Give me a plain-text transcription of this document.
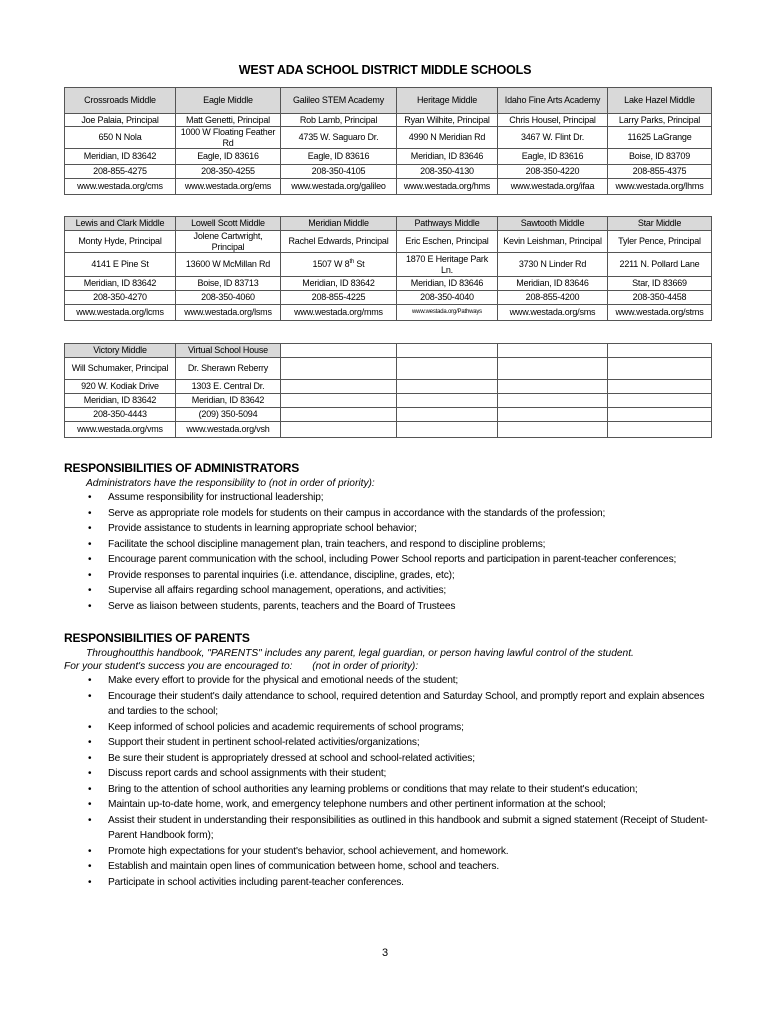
WEST ADA SCHOOL DISTRICT MIDDLE SCHOOLS
Crossroads Middle	Eagle Middle	Galileo STEM Academy	Heritage Middle	Idaho Fine Arts Academy	Lake Hazel Middle
Joe Palaia, Principal	Matt Genetti, Principal	Rob Lamb, Principal	Ryan Wilhite, Principal	Chris Housel, Principal	Larry Parks, Principal
650 N Nola	1000 W Floating Feather Rd	4735 W. Saguaro Dr.	4990 N Meridian Rd	3467 W. Flint Dr.	11625 LaGrange
Meridian, ID 83642	Eagle, ID 83616	Eagle, ID 83616	Meridian, ID 83646	Eagle, ID 83616	Boise, ID 83709
208-855-4275	208-350-4255	208-350-4105	208-350-4130	208-350-4220	208-855-4375
www.westada.org/cms	www.westada.org/ems	www.westada.org/galileo	www.westada.org/hms	www.westada.org/ifaa	www.westada.org/lhms
Lewis and Clark Middle	Lowell Scott Middle	Meridian Middle	Pathways Middle	Sawtooth Middle	Star Middle
Monty Hyde, Principal	Jolene Cartwright, Principal	Rachel Edwards, Principal	Eric Eschen, Principal	Kevin Leishman, Principal	Tyler Pence, Principal
4141 E Pine St	13600 W McMillan Rd	1507 W 8th St	1870 E Heritage Park Ln.	3730 N Linder Rd	2211 N. Pollard Lane
Meridian, ID 83642	Boise, ID 83713	Meridian, ID 83642	Meridian, ID 83646	Meridian, ID 83646	Star, ID 83669
208-350-4270	208-350-4060	208-855-4225	208-350-4040	208-855-4200	208-350-4458
www.westada.org/lcms	www.westada.org/lsms	www.westada.org/mms	www.westada.org/Pathways	www.westada.org/sms	www.westada.org/stms
Victory Middle	Virtual School House				
Will Schumaker, Principal	Dr. Sherawn Reberry				
920 W. Kodiak Drive	1303 E. Central Dr.				
Meridian, ID 83642	Meridian, ID 83642				
208-350-4443	(209) 350-5094				
www.westada.org/vms	www.westada.org/vsh				
RESPONSIBILITIES OF ADMINISTRATORS
Administrators have the responsibility to (not in order of priority):
• Assume responsibility for instructional leadership;
• Serve as appropriate role models for students on their campus in accordance with the standards of the profession;
• Provide assistance to students in learning appropriate school behavior;
• Facilitate the school discipline management plan, train teachers, and respond to discipline problems;
• Encourage parent communication with the school, including Power School reports and participation in parent-teacher conferences;
• Provide responses to parental inquiries (i.e. attendance, discipline, grades, etc);
• Supervise all affairs regarding school management, operations, and activities;
• Serve as liaison between students, parents, teachers and the Board of Trustees
RESPONSIBILITIES OF PARENTS
Throughoutthis handbook, "PARENTS" includes any parent, legal guardian, or person having lawful control of the student.
For your student's success you are encouraged to:       (not in order of priority):
• Make every effort to provide for the physical and emotional needs of the student;
• Encourage their student's daily attendance to school, required detention and Saturday School, and promptly report and explain absences and tardies to the school;
• Keep informed of school policies and academic requirements of school programs;
• Support their student in pertinent school-related activities/organizations;
• Be sure their student is appropriately dressed at school and school-related activities;
• Discuss report cards and school assignments with their student;
• Bring to the attention of school authorities any learning problems or conditions that may relate to their student's education;
• Maintain up-to-date home, work, and emergency telephone numbers and other pertinent information at the school;
• Assist their student in understanding their responsibilities as outlined in this handbook and submit a signed statement (Receipt of Student-Parent Handbook form);
• Promote high expectations for your student's behavior, school achievement, and homework.
• Establish and maintain open lines of communication between home, school and teachers.
• Participate in school activities including parent-teacher conferences.
3
